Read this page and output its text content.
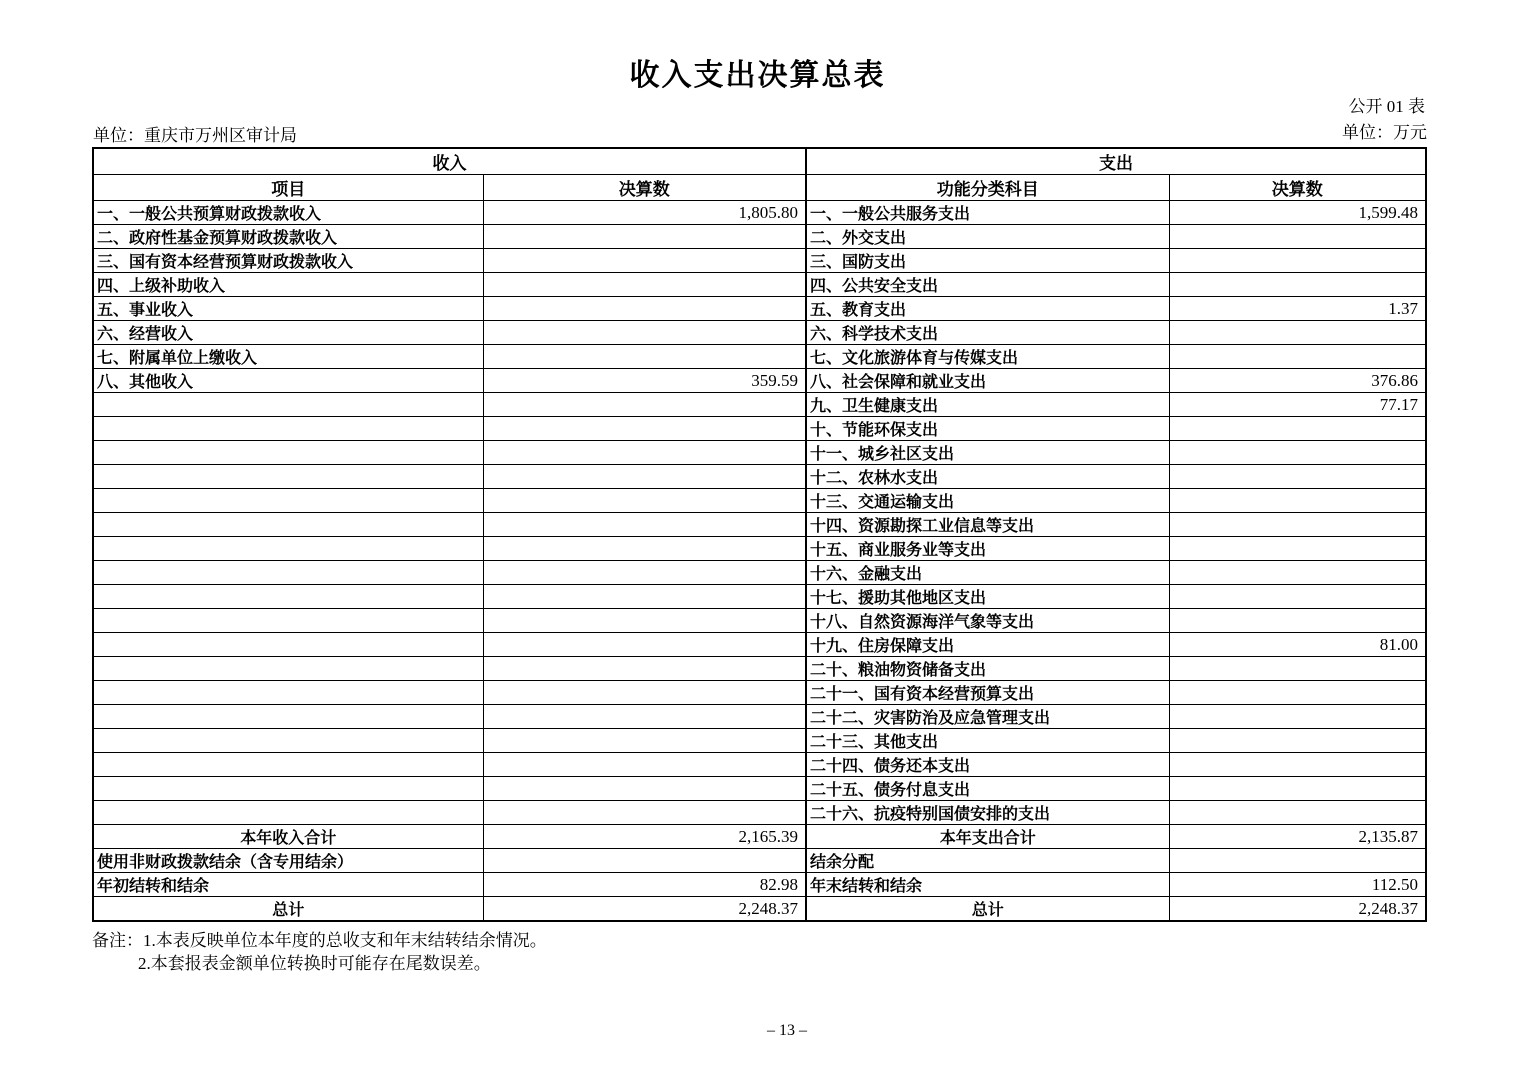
收入支出决算总表
公开 01 表
单位：重庆市万州区审计局	单位：万元
收入		支出	
项目	决算数	功能分类科目	决算数
一、一般公共预算财政拨款收入	1,805.80	一、一般公共服务支出	1,599.48
二、政府性基金预算财政拨款收入		二、外交支出	
三、国有资本经营预算财政拨款收入		三、国防支出	
四、上级补助收入		四、公共安全支出	
五、事业收入		五、教育支出	1.37
六、经营收入		六、科学技术支出	
七、附属单位上缴收入		七、文化旅游体育与传媒支出	
八、其他收入	359.59	八、社会保障和就业支出	376.86
		九、卫生健康支出	77.17
		十、节能环保支出	
		十一、城乡社区支出	
		十二、农林水支出	
		十三、交通运输支出	
		十四、资源勘探工业信息等支出	
		十五、商业服务业等支出	
		十六、金融支出	
		十七、援助其他地区支出	
		十八、自然资源海洋气象等支出	
		十九、住房保障支出	81.00
		二十、粮油物资储备支出	
		二十一、国有资本经营预算支出	
		二十二、灾害防治及应急管理支出	
		二十三、其他支出	
		二十四、债务还本支出	
		二十五、债务付息支出	
		二十六、抗疫特别国债安排的支出	
本年收入合计	2,165.39	本年支出合计	2,135.87
使用非财政拨款结余（含专用结余）		结余分配	
年初结转和结余	82.98	年末结转和结余	112.50
总计	2,248.37	总计	2,248.37
备注：1.本表反映单位本年度的总收支和年末结转结余情况。
2.本套报表金额单位转换时可能存在尾数误差。
– 13 –
